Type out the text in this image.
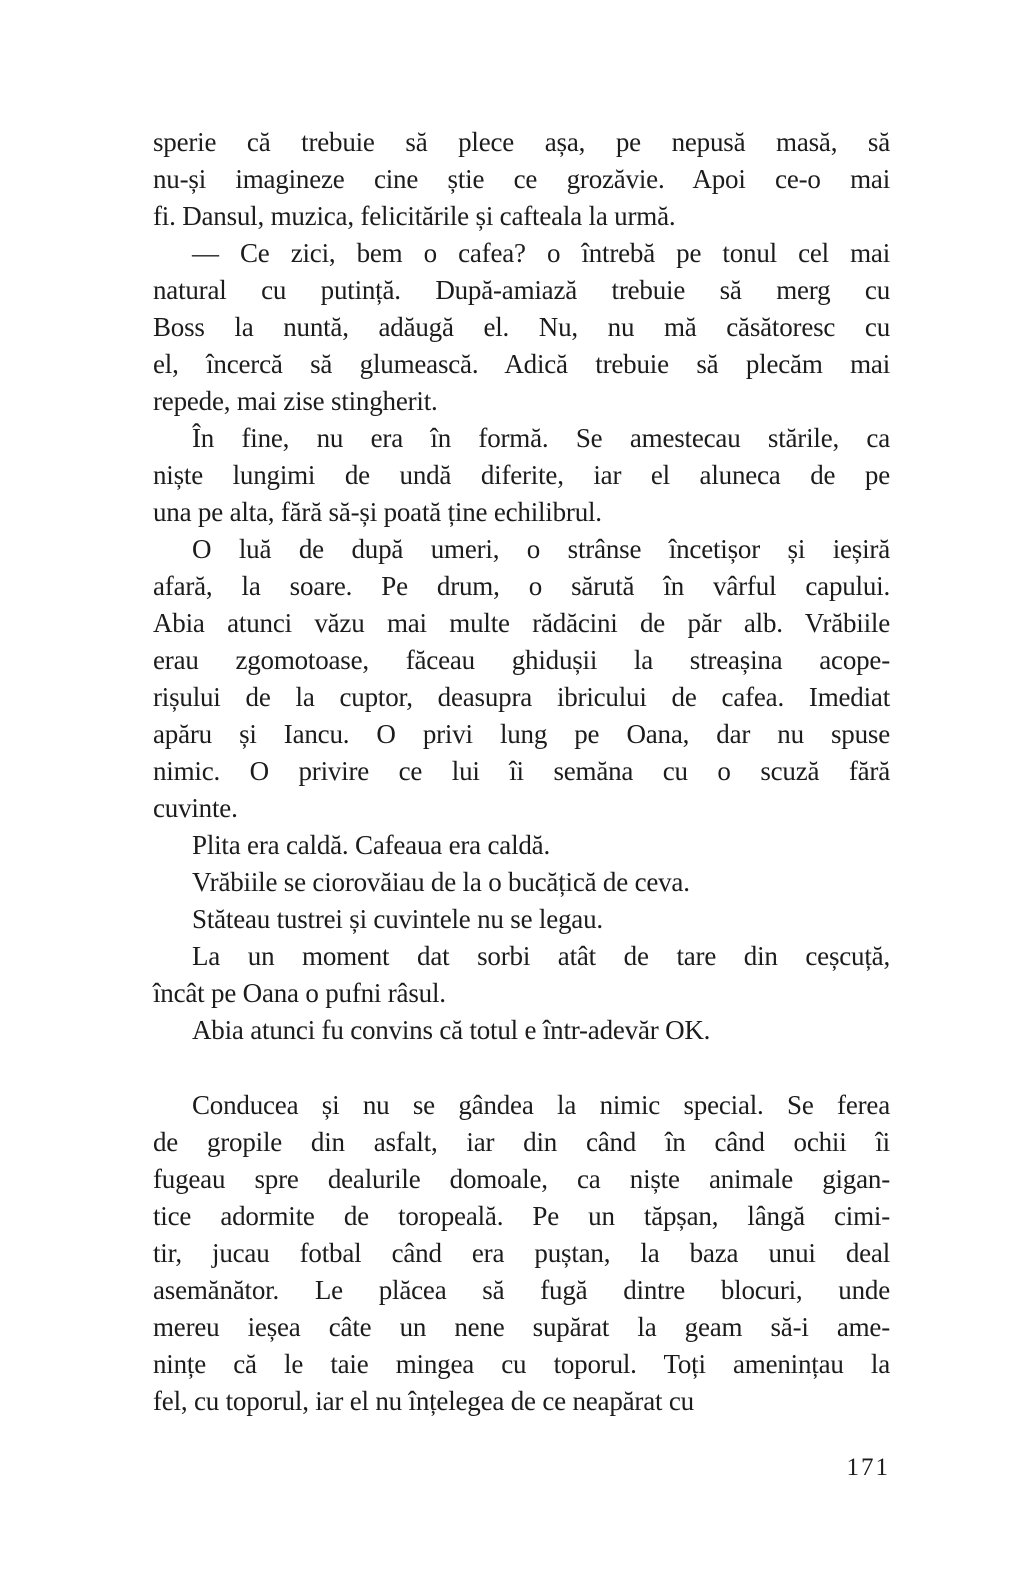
sperie că trebuie să plece așa, pe nepusă masă, să
nu-și imagineze cine știe ce grozăvie. Apoi ce-o mai
fi. Dansul, muzica, felicitările și cafteala la urmă.
— Ce zici, bem o cafea? o întrebă pe tonul cel mai
natural cu putință. După-amiază trebuie să merg cu
Boss la nuntă, adăugă el. Nu, nu mă căsătoresc cu
el, încercă să glumească. Adică trebuie să plecăm mai
repede, mai zise stingherit.
În fine, nu era în formă. Se amestecau stările, ca
niște lungimi de undă diferite, iar el aluneca de pe
una pe alta, fără să-și poată ține echilibrul.
O luă de după umeri, o strânse încetișor și ieșiră
afară, la soare. Pe drum, o sărută în vârful capului.
Abia atunci văzu mai multe rădăcini de păr alb. Vrăbiile
erau zgomotoase, făceau ghidușii la streașina acope-
rișului de la cuptor, deasupra ibricului de cafea. Imediat
apăru și Iancu. O privi lung pe Oana, dar nu spuse
nimic. O privire ce lui îi semăna cu o scuză fără
cuvinte.
Plita era caldă. Cafeaua era caldă.
Vrăbiile se ciorovăiau de la o bucățică de ceva.
Stăteau tustrei și cuvintele nu se legau.
La un moment dat sorbi atât de tare din ceșcuță,
încât pe Oana o pufni râsul.
Abia atunci fu convins că totul e într-adevăr OK.
Conducea și nu se gândea la nimic special. Se ferea
de gropile din asfalt, iar din când în când ochii îi
fugeau spre dealurile domoale, ca niște animale gigan-
tice adormite de toropeală. Pe un tăpșan, lângă cimi-
tir, jucau fotbal când era puștan, la baza unui deal
asemănător. Le plăcea să fugă dintre blocuri, unde
mereu ieșea câte un nene supărat la geam să-i ame-
nințe că le taie mingea cu toporul. Toți amenințau la
fel, cu toporul, iar el nu înțelegea de ce neapărat cu
171
